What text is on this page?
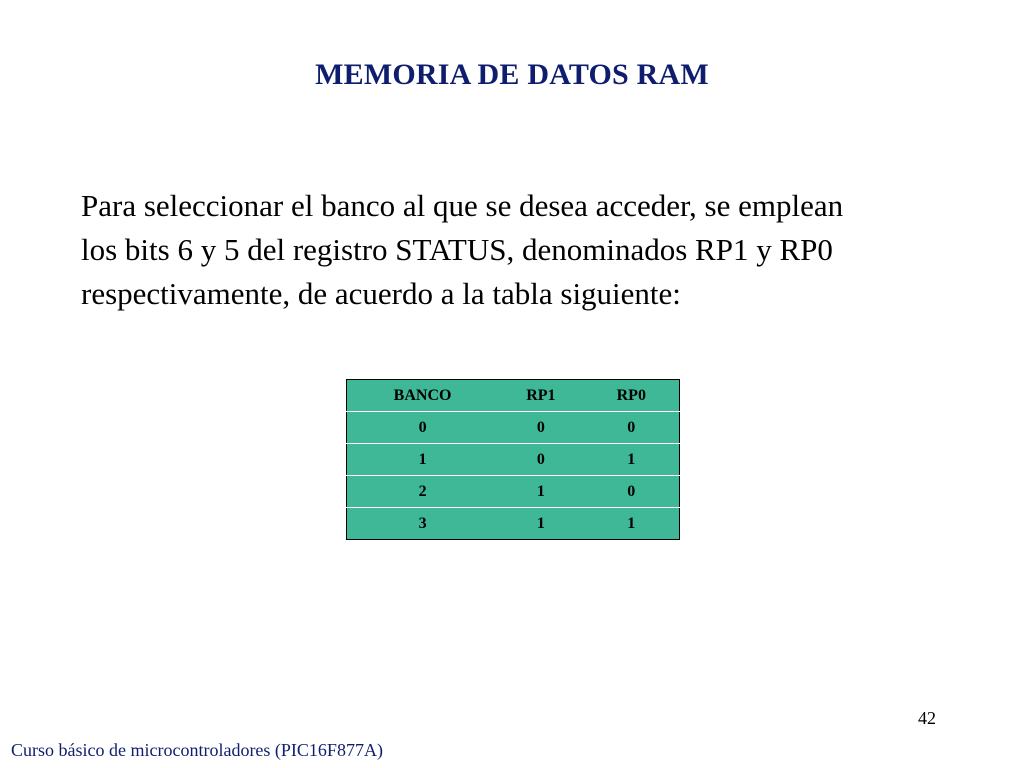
MEMORIA DE DATOS RAM
Para seleccionar el banco al que se desea acceder, se emplean
los bits 6 y 5 del registro STATUS, denominados RP1 y RP0
respectivamente, de acuerdo a la tabla siguiente:
BANCO	RP1	RP0
0	0	0
1	0	1
2	1	0
3	1	1
42
Curso básico de microcontroladores (PIC16F877A)
